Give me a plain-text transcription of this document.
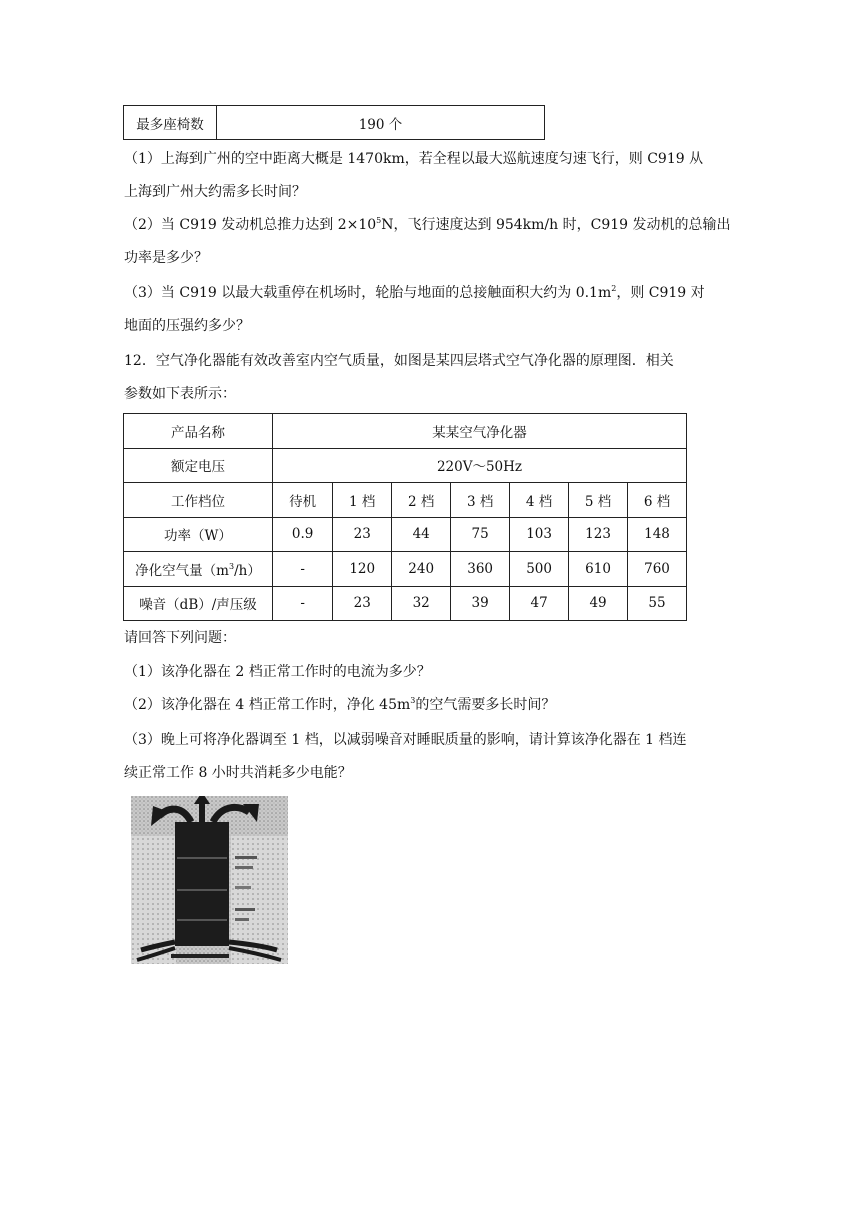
最多座椅数	190 个
（1）上海到广州的空中距离大概是 1470km，若全程以最大巡航速度匀速飞行，则 C919 从
上海到广州大约需多长时间？
（2）当 C919 发动机总推力达到 $2\times 10^5N$，飞行速度达到 954km/h 时，C919 发动机的总输出
功率是多少？
（3）当 C919 以最大载重停在机场时，轮胎与地面的总接触面积大约为 $0.1m^2$，则 C919 对
地面的压强约多少？
12．空气净化器能有效改善室内空气质量，如图是某四层塔式空气净化器的原理图．相关
参数如下表所示：
产品名称	某某空气净化器						
额定电压	220V～50Hz						
工作档位	待机	1 档	2 档	3 档	4 档	5 档	6 档
功率（W）	0.9	23	44	75	103	123	148
净化空气量$(m^3/h)$	-	120	240	360	500	610	760
噪音（dB）/声压级	-	23	32	39	47	49	55
请回答下列问题：
（1）该净化器在 2 档正常工作时的电流为多少？
（2）该净化器在 4 档正常工作时，净化 $45m^3$的空气需要多长时间？
（3）晚上可将净化器调至 1 档，以减弱噪音对睡眠质量的影响，请计算该净化器在 1 档连
续正常工作 8 小时共消耗多少电能？
